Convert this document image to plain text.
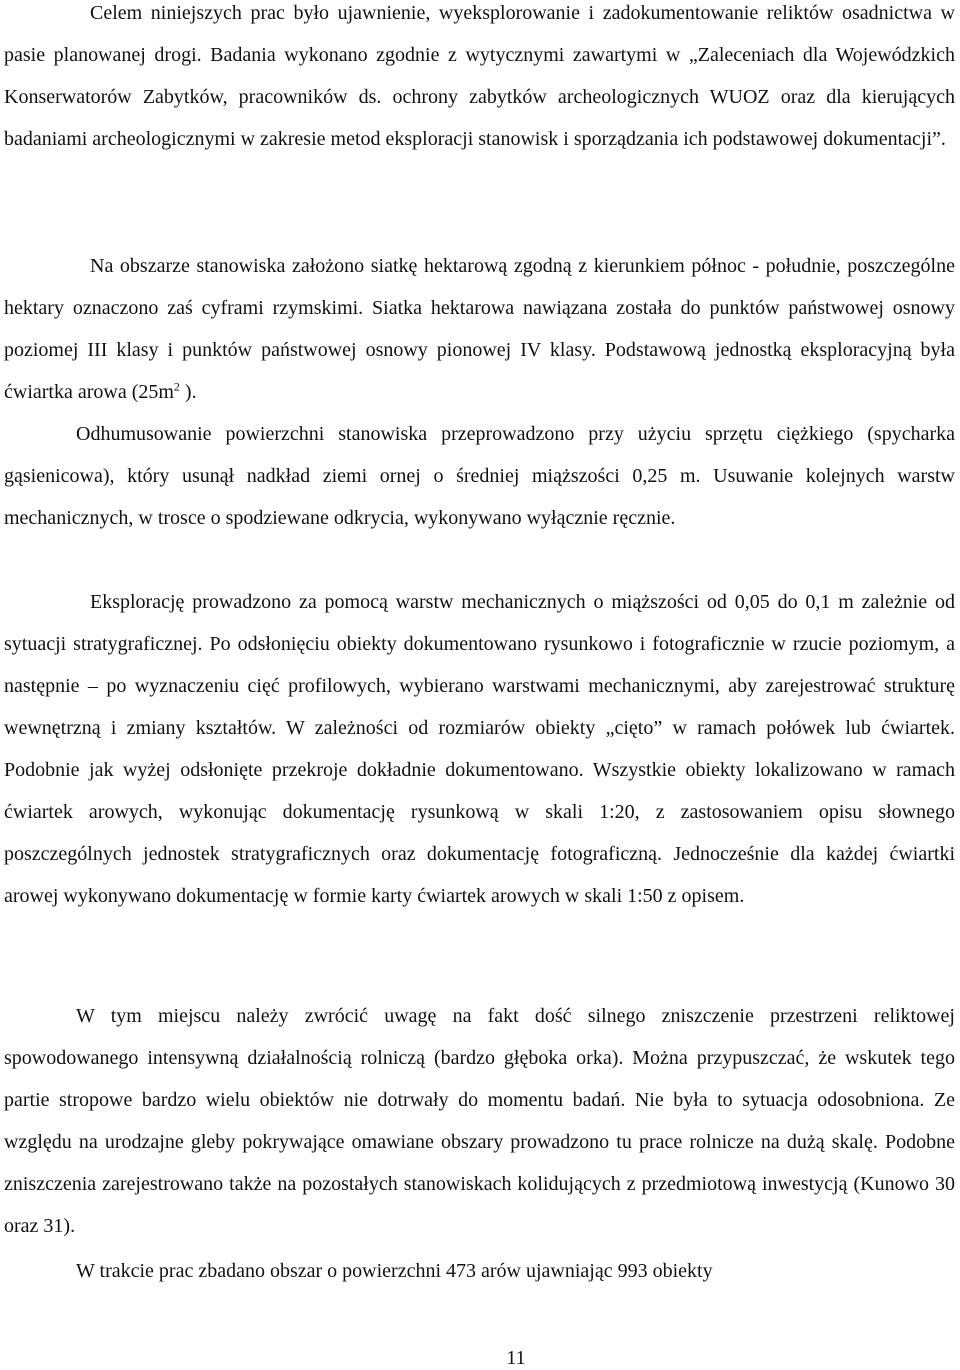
Celem niniejszych prac było ujawnienie, wyeksplorowanie i zadokumentowanie reliktów osadnictwa w pasie planowanej drogi. Badania wykonano zgodnie z wytycznymi zawartymi w „Zaleceniach dla Wojewódzkich Konserwatorów Zabytków, pracowników ds. ochrony zabytków archeologicznych WUOZ oraz dla kierujących badaniami archeologicznymi w zakresie metod eksploracji stanowisk i sporządzania ich podstawowej dokumentacji”.

Na obszarze stanowiska założono siatkę hektarową zgodną z kierunkiem północ - południe, poszczególne hektary oznaczono zaś cyframi rzymskimi. Siatka hektarowa nawiązana została do punktów państwowej osnowy poziomej III klasy i punktów państwowej osnowy pionowej IV klasy. Podstawową jednostką eksploracyjną była ćwiartka arowa ($25m^2$ ).

Odhumusowanie powierzchni stanowiska przeprowadzono przy użyciu sprzętu ciężkiego (spycharka gąsienicowa), który usunął nadkład ziemi ornej o średniej miąższości 0,25 m. Usuwanie kolejnych warstw mechanicznych, w trosce o spodziewane odkrycia, wykonywano wyłącznie ręcznie.

Eksplorację prowadzono za pomocą warstw mechanicznych o miąższości od 0,05 do 0,1 m zależnie od sytuacji stratygraficznej. Po odsłonięciu obiekty dokumentowano rysunkowo i fotograficznie w rzucie poziomym, a następnie – po wyznaczeniu cięć profilowych, wybierano warstwami mechanicznymi, aby zarejestrować strukturę wewnętrzną i zmiany kształtów. W zależności od rozmiarów obiekty „cięto” w ramach połówek lub ćwiartek. Podobnie jak wyżej odsłonięte przekroje dokładnie dokumentowano. Wszystkie obiekty lokalizowano w ramach ćwiartek arowych, wykonując dokumentację rysunkową w skali 1:20, z zastosowaniem opisu słownego poszczególnych jednostek stratygraficznych oraz dokumentację fotograficzną. Jednocześnie dla każdej ćwiartki arowej wykonywano dokumentację w formie karty ćwiartek arowych w skali 1:50 z opisem.

W tym miejscu należy zwrócić uwagę na fakt dość silnego zniszczenie przestrzeni reliktowej spowodowanego intensywną działalnością rolniczą (bardzo głęboka orka). Można przypuszczać, że wskutek tego partie stropowe bardzo wielu obiektów nie dotrwały do momentu badań. Nie była to sytuacja odosobniona. Ze względu na urodzajne gleby pokrywające omawiane obszary prowadzono tu prace rolnicze na dużą skalę. Podobne zniszczenia zarejestrowano także na pozostałych stanowiskach kolidujących z przedmiotową inwestycją (Kunowo 30 oraz 31).

W trakcie prac zbadano obszar o powierzchni 473 arów ujawniając 993 obiekty

11
